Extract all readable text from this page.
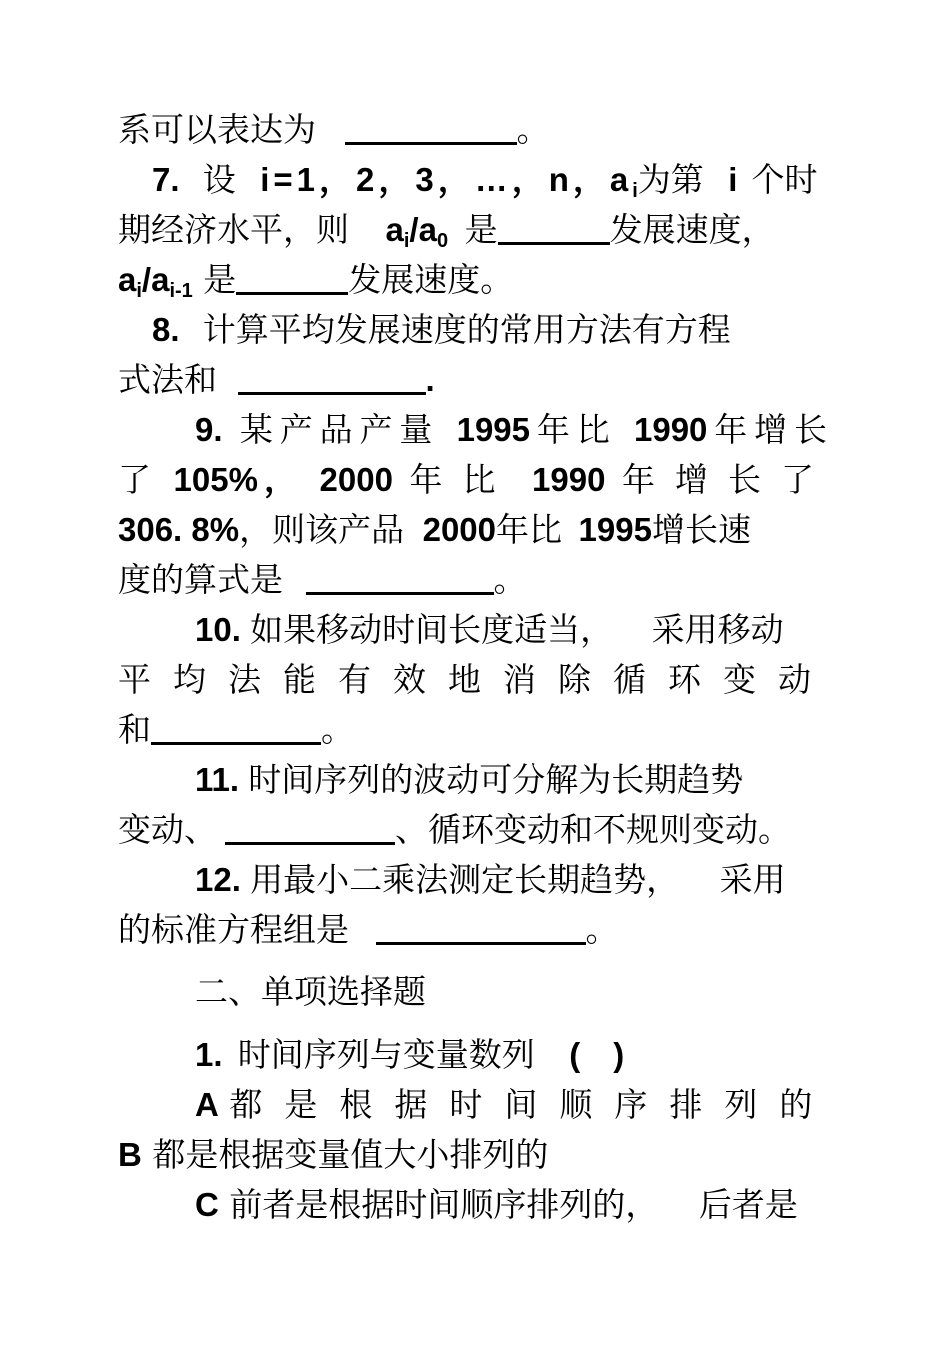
系可以表达为	。
7. 设 i=1，2，3，…，n，$a_i$为第 i 个时
期经济水平，则 $a_i/a_0$ 是	发展速度，
$a_i/a_{i-1}$ 是	发展速度。
8. 计算平均发展速度的常用方法有方程
式法和	.
9. 某产品产量 1995年比 1990年增长
了 105%， 2000 年比 1990 年增长了
306. 8%，则该产品 2000年比 1995增长速
度的算式是	。
10. 如果移动时间长度适当， 采用移动
平均法能有效地消除循环变动
和	。
11. 时间序列的波动可分解为长期趋势
变动、	、循环变动和不规则变动。
12. 用最小二乘法测定长期趋势， 采用
的标准方程组是	。
二、单项选择题
1. 时间序列与变量数列 (　)
A 都是根据时间顺序排列的
B 都是根据变量值大小排列的
C 前者是根据时间顺序排列的， 后者是
